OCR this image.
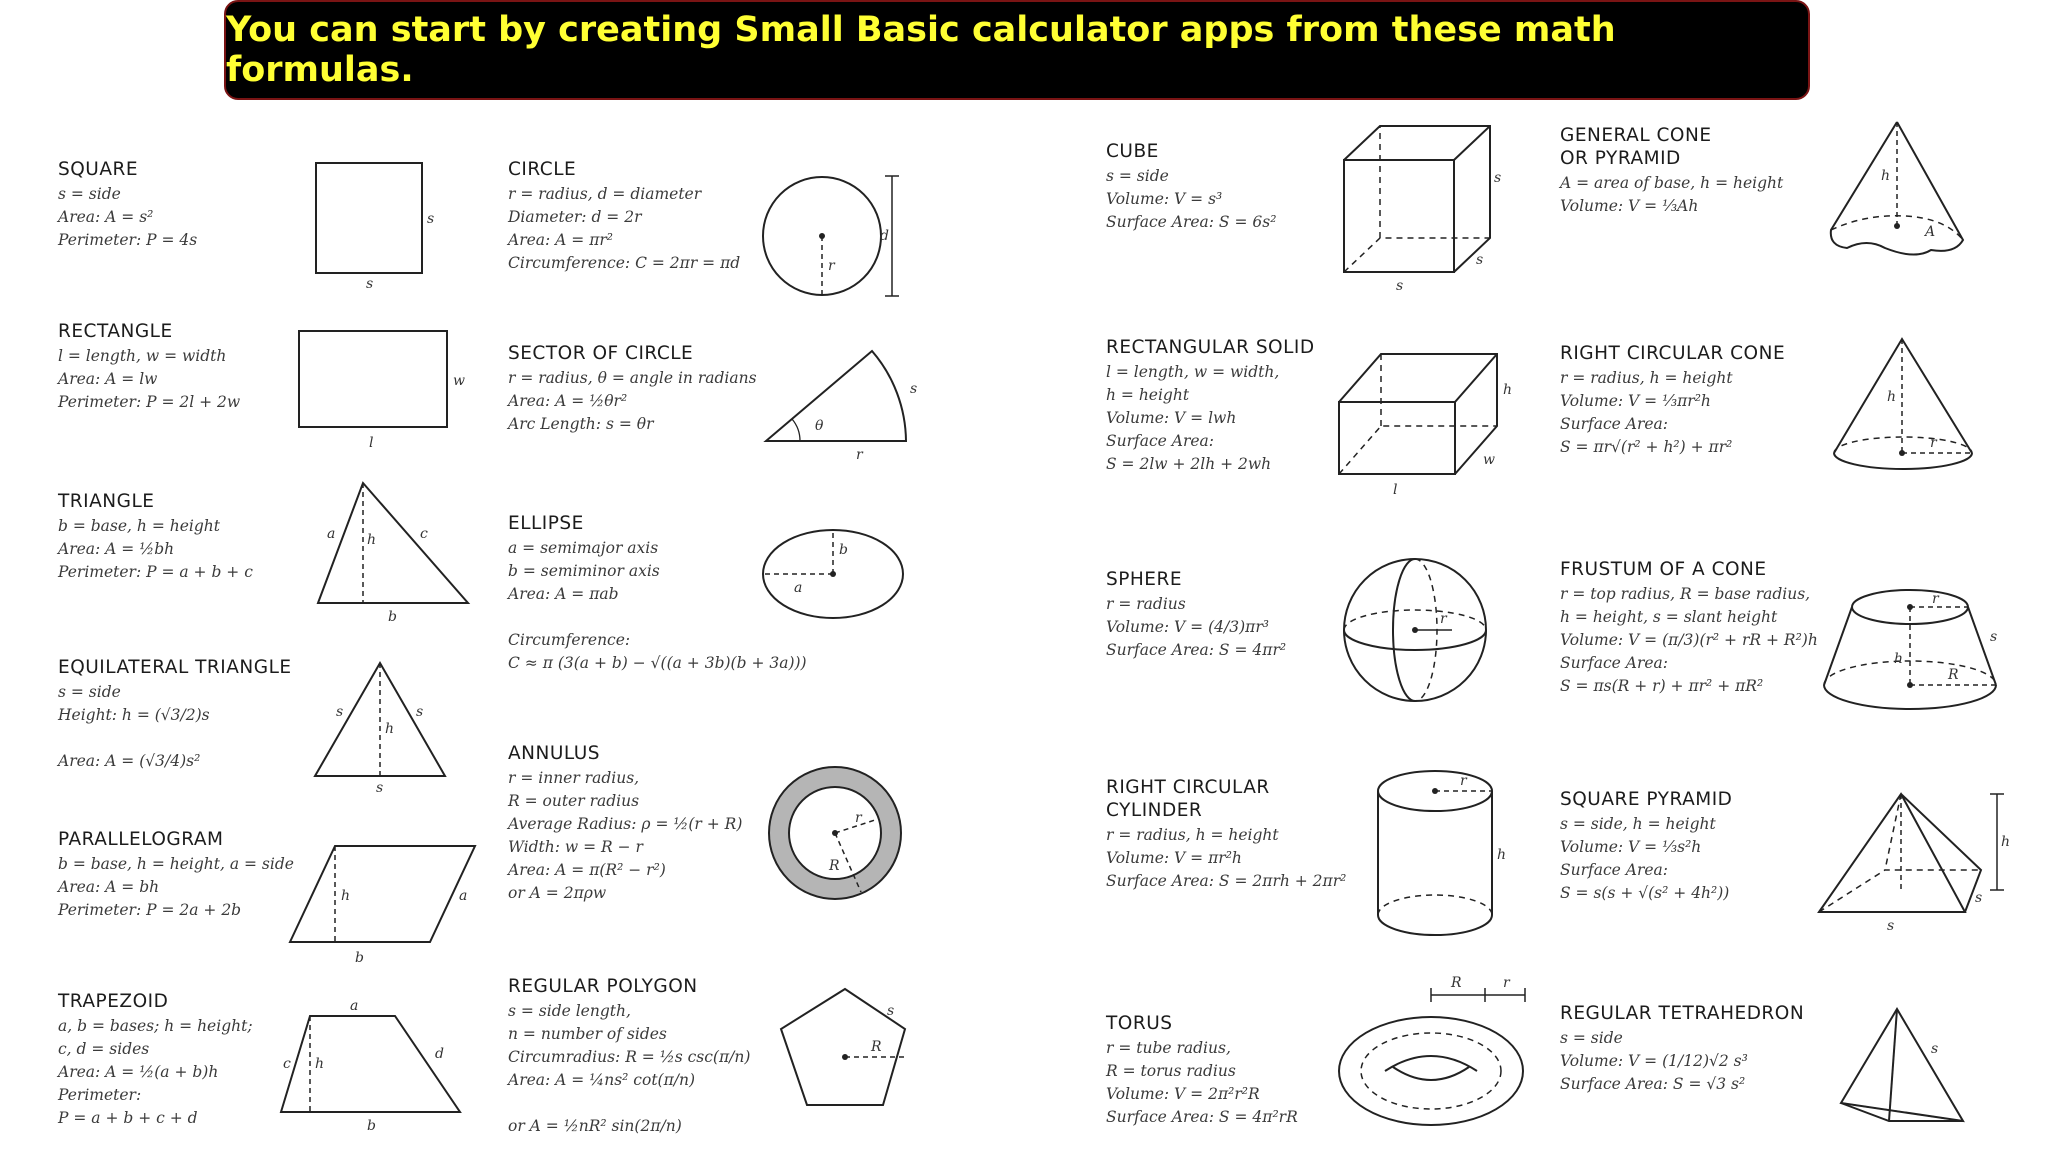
You can start by creating Small Basic calculator apps from these math formulas.
SQUARE
s = side
Area: A = s²
Perimeter: P = 4s
RECTANGLE
l = length, w = width
Area: A = lw
Perimeter: P = 2l + 2w
TRIANGLE
b = base, h = height
Area: A = ½bh
Perimeter: P = a + b + c
EQUILATERAL TRIANGLE
s = side
Height: h = (√3/2)s

Area: A = (√3/4)s²
PARALLELOGRAM
b = base, h = height, a = side
Area: A = bh
Perimeter: P = 2a + 2b
TRAPEZOID
a, b = bases; h = height;
c, d = sides
Area: A = ½(a + b)h
Perimeter:
P = a + b + c + d
CIRCLE
r = radius, d = diameter
Diameter: d = 2r
Area: A = πr²
Circumference: C = 2πr = πd
SECTOR OF CIRCLE
r = radius, θ = angle in radians
Area: A = ½θr²
Arc Length: s = θr
ELLIPSE
a = semimajor axis
b = semiminor axis
Area: A = πab

Circumference:
C ≈ π (3(a + b) − √((a + 3b)(b + 3a)))
ANNULUS
r = inner radius,
R = outer radius
Average Radius: ρ = ½(r + R)
Width: w = R − r
Area: A = π(R² − r²)
or A = 2πρw
REGULAR POLYGON
s = side length,
n = number of sides
Circumradius: R = ½s csc(π/n)
Area: A = ¼ns² cot(π/n)

or A = ½nR² sin(2π/n)
CUBE
s = side
Volume: V = s³
Surface Area: S = 6s²
RECTANGULAR SOLID
l = length, w = width,
h = height
Volume: V = lwh
Surface Area:
S = 2lw + 2lh + 2wh
SPHERE
r = radius
Volume: V = (4/3)πr³
Surface Area: S = 4πr²
RIGHT CIRCULAR
CYLINDER
r = radius, h = height
Volume: V = πr²h
Surface Area: S = 2πrh + 2πr²
TORUS
r = tube radius,
R = torus radius
Volume: V = 2π²r²R
Surface Area: S = 4π²rR
GENERAL CONE
OR PYRAMID
A = area of base, h = height
Volume: V = ⅓Ah
RIGHT CIRCULAR CONE
r = radius, h = height
Volume: V = ⅓πr²h
Surface Area:
S = πr√(r² + h²) + πr²
FRUSTUM OF A CONE
r = top radius, R = base radius,
h = height, s = slant height
Volume: V = (π/3)(r² + rR + R²)h
Surface Area:
S = πs(R + r) + πr² + πR²
SQUARE PYRAMID
s = side, h = height
Volume: V = ⅓s²h
Surface Area:
S = s(s + √(s² + 4h²))
REGULAR TETRAHEDRON
s = side
Volume: V = (1/12)√2 s³
Surface Area: S = √3 s²
s
s
w
l
a h	c
b
s
h
s
s
h	a
b
a
c h
d
b
d
r
θ
s
r
b
a
r
R
s
R
s
s
s
h
w
l
r
r
h
R	r
h
A
h
r
r
s
h
R
h
s
s
s
